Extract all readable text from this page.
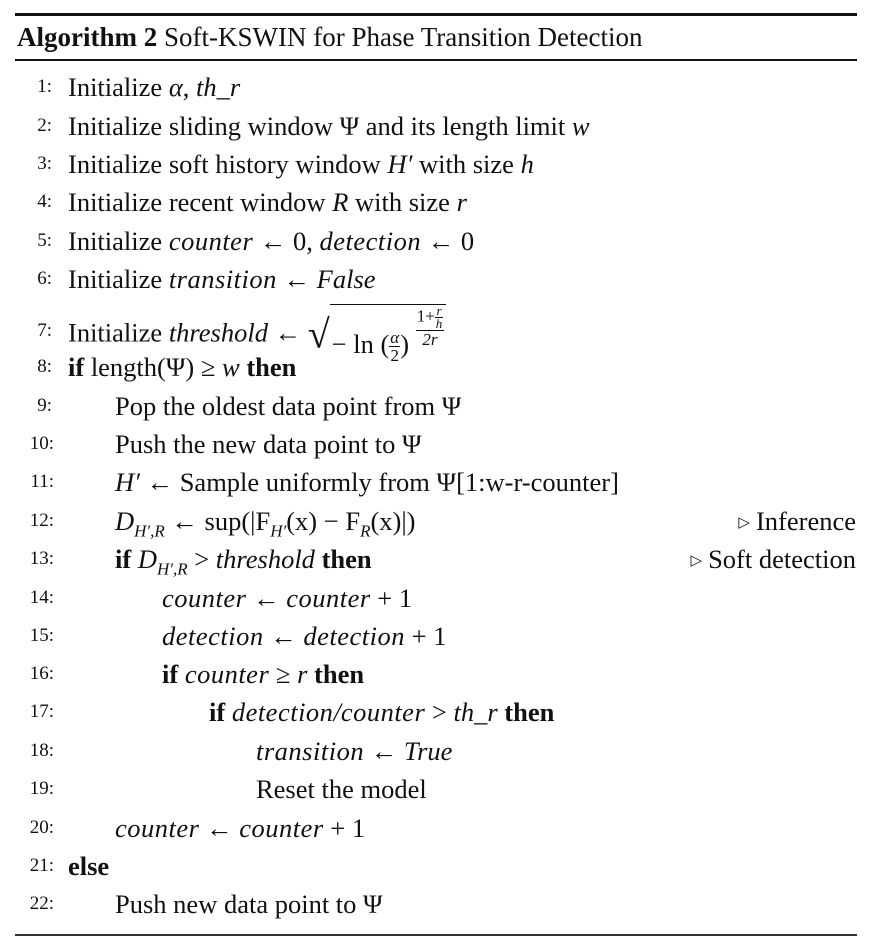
Algorithm 2 Soft-KSWIN for Phase Transition Detection
1: Initialize α, th_r
2: Initialize sliding window Ψ and its length limit w
3: Initialize soft history window H′ with size h
4: Initialize recent window R with size r
5: Initialize counter ← 0, detection ← 0
6: Initialize transition ← False
7: Initialize threshold ← √− ln ( $\frac{\alpha}{2}$ ) $\frac{1+ \frac{r}{h}}{2r}$
8: if length(Ψ) ≥ w then
9: Pop the oldest data point from Ψ
10: Push the new data point to Ψ
11: H′ ← Sample uniformly from Ψ[1:w-r-counter]
12: $D_{H',R}$ ← $sup(|F_{H'}(x) - F_R(x)|)$	▷ Inference
13: if $D_{H',R}$ > threshold then	▷ Soft detection
14:	counter ← counter + 1
15:	detection ← detection + 1
16:	if counter ≥ r then
17:	if detection/counter > th_r then
18:	transition ← True
19:	Reset the model
20: counter ← counter + 1
21: else
22: Push new data point to Ψ
